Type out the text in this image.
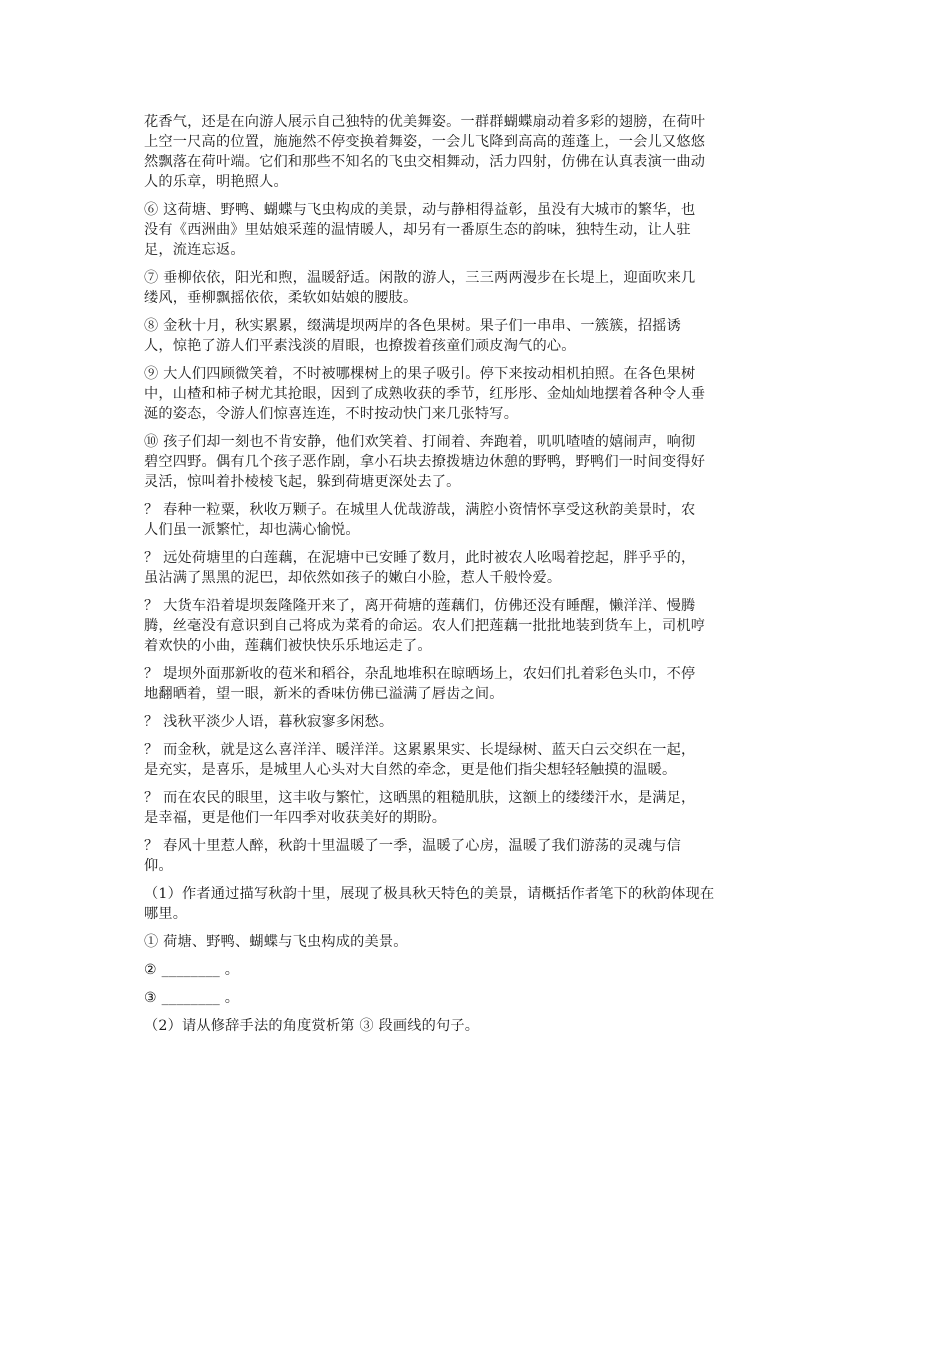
花香气，还是在向游人展示自己独特的优美舞姿。一群群蝴蝶扇动着多彩的翅膀，在荷叶
上空一尺高的位置，施施然不停变换着舞姿，一会儿飞降到高高的莲蓬上，一会儿又悠悠
然飘落在荷叶端。它们和那些不知名的飞虫交相舞动，活力四射，仿佛在认真表演一曲动
人的乐章，明艳照人。
⑥ 这荷塘、野鸭、蝴蝶与飞虫构成的美景，动与静相得益彰，虽没有大城市的繁华，也
没有《西洲曲》里姑娘采莲的温情暖人，却另有一番原生态的韵味，独特生动，让人驻
足，流连忘返。
⑦ 垂柳依依，阳光和煦，温暖舒适。闲散的游人，三三两两漫步在长堤上，迎面吹来几
缕风，垂柳飘摇依依，柔软如姑娘的腰肢。
⑧ 金秋十月，秋实累累，缀满堤坝两岸的各色果树。果子们一串串、一簇簇，招摇诱
人，惊艳了游人们平素浅淡的眉眼，也撩拨着孩童们顽皮淘气的心。
⑨ 大人们四顾微笑着，不时被哪棵树上的果子吸引。停下来按动相机拍照。在各色果树
中，山楂和柿子树尤其抢眼，因到了成熟收获的季节，红彤彤、金灿灿地摆着各种令人垂
涎的姿态，令游人们惊喜连连，不时按动快门来几张特写。
⑩ 孩子们却一刻也不肯安静，他们欢笑着、打闹着、奔跑着，叽叽喳喳的嬉闹声，响彻
碧空四野。偶有几个孩子恶作剧，拿小石块去撩拨塘边休憩的野鸭，野鸭们一时间变得好
灵活，惊叫着扑棱棱飞起，躲到荷塘更深处去了。
？ 春种一粒粟，秋收万颗子。在城里人优哉游哉，满腔小资情怀享受这秋韵美景时，农
人们虽一派繁忙，却也满心愉悦。
？ 远处荷塘里的白莲藕，在泥塘中已安睡了数月，此时被农人吆喝着挖起，胖乎乎的，
虽沾满了黑黑的泥巴，却依然如孩子的嫩白小脸，惹人千般怜爱。
？ 大货车沿着堤坝轰隆隆开来了，离开荷塘的莲藕们，仿佛还没有睡醒，懒洋洋、慢腾
腾，丝毫没有意识到自己将成为菜肴的命运。农人们把莲藕一批批地装到货车上，司机哼
着欢快的小曲，莲藕们被快快乐乐地运走了。
？ 堤坝外面那新收的苞米和稻谷，杂乱地堆积在晾晒场上，农妇们扎着彩色头巾，不停
地翻晒着，望一眼，新米的香味仿佛已溢满了唇齿之间。
？ 浅秋平淡少人语，暮秋寂寥多闲愁。
？ 而金秋，就是这么喜洋洋、暖洋洋。这累累果实、长堤绿树、蓝天白云交织在一起，
是充实，是喜乐，是城里人心头对大自然的牵念，更是他们指尖想轻轻触摸的温暖。
？ 而在农民的眼里，这丰收与繁忙，这晒黑的粗糙肌肤，这额上的缕缕汗水，是满足，
是幸福，更是他们一年四季对收获美好的期盼。
？ 春风十里惹人醉，秋韵十里温暖了一季，温暖了心房，温暖了我们游荡的灵魂与信
仰。
（1）作者通过描写秋韵十里，展现了极具秋天特色的美景，请概括作者笔下的秋韵体现在
哪里。
① 荷塘、野鸭、蝴蝶与飞虫构成的美景。
② ________ 。
③ ________ 。
（2）请从修辞手法的角度赏析第 ③ 段画线的句子。
